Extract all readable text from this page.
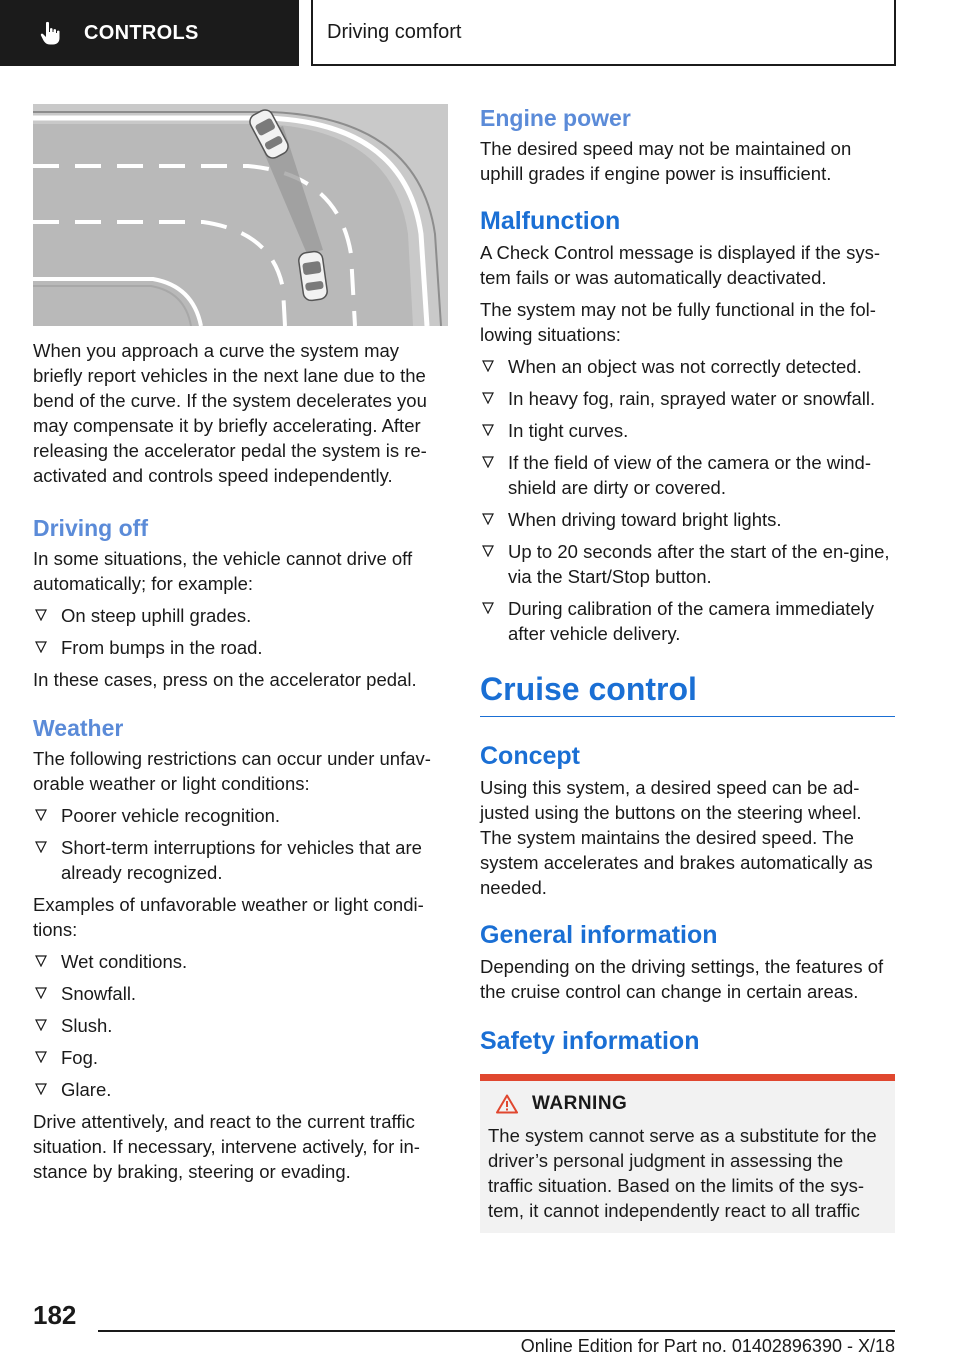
CONTROLS	Driving comfort

When you approach a curve the system may briefly report vehicles in the next lane due to the bend of the curve. If the system decelerates you may compensate it by briefly accelerating. After releasing the accelerator pedal the system is re-activated and controls speed independently.

Driving off

In some situations, the vehicle cannot drive off automatically; for example:

On steep uphill grades.
From bumps in the road.

In these cases, press on the accelerator pedal.

Weather

The following restrictions can occur under unfav-orable weather or light conditions:

Poorer vehicle recognition.
Short-term interruptions for vehicles that are already recognized.

Examples of unfavorable weather or light condi-tions:

Wet conditions.
Snowfall.
Slush.
Fog.
Glare.

Drive attentively, and react to the current traffic situation. If necessary, intervene actively, for in-stance by braking, steering or evading.

Engine power

The desired speed may not be maintained on uphill grades if engine power is insufficient.

Malfunction

A Check Control message is displayed if the sys-tem fails or was automatically deactivated.

The system may not be fully functional in the fol-lowing situations:

When an object was not correctly detected.
In heavy fog, rain, sprayed water or snowfall.
In tight curves.
If the field of view of the camera or the wind-shield are dirty or covered.
When driving toward bright lights.
Up to 20 seconds after the start of the en-gine, via the Start/Stop button.
During calibration of the camera immediately after vehicle delivery.
Cruise control
Concept

Using this system, a desired speed can be ad-justed using the buttons on the steering wheel. The system maintains the desired speed. The system accelerates and brakes automatically as needed.

General information

Depending on the driving settings, the features of the cruise control can change in certain areas.

Safety information
WARNING

The system cannot serve as a substitute for the driver’s personal judgment in assessing the traffic situation. Based on the limits of the sys-tem, it cannot independently react to all traffic

182
Online Edition for Part no. 01402896390 - X/18
